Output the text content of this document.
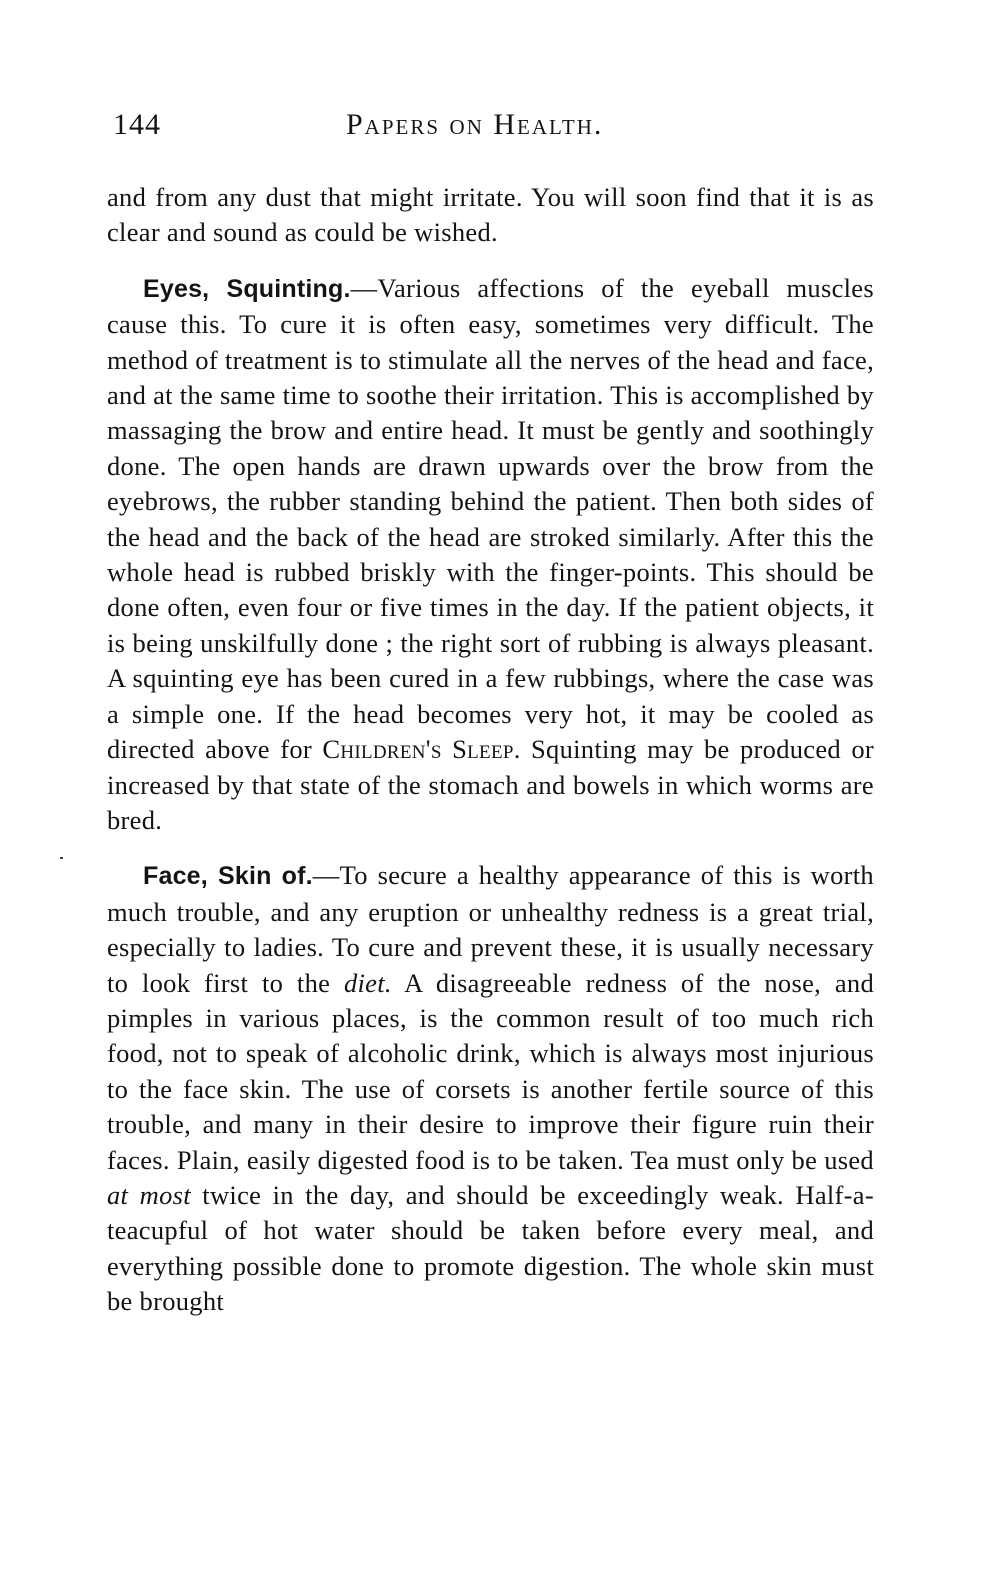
144	Papers on Health.

and from any dust that might irritate. You will soon find that it is as clear and sound as could be wished.

Eyes, Squinting.—Various affections of the eyeball muscles cause this. To cure it is often easy, sometimes very difficult. The method of treatment is to stimulate all the nerves of the head and face, and at the same time to soothe their irritation. This is accomplished by massaging the brow and entire head. It must be gently and soothingly done. The open hands are drawn upwards over the brow from the eyebrows, the rubber standing behind the patient. Then both sides of the head and the back of the head are stroked similarly. After this the whole head is rubbed briskly with the finger-points. This should be done often, even four or five times in the day. If the patient objects, it is being unskilfully done ; the right sort of rubbing is always pleasant. A squinting eye has been cured in a few rubbings, where the case was a simple one. If the head becomes very hot, it may be cooled as directed above for Children's Sleep. Squinting may be produced or increased by that state of the stomach and bowels in which worms are bred.

Face, Skin of.—To secure a healthy appearance of this is worth much trouble, and any eruption or unhealthy redness is a great trial, especially to ladies. To cure and prevent these, it is usually necessary to look first to the diet. A disagreeable redness of the nose, and pimples in various places, is the common result of too much rich food, not to speak of alcoholic drink, which is always most injurious to the face skin. The use of corsets is another fertile source of this trouble, and many in their desire to improve their figure ruin their faces. Plain, easily digested food is to be taken. Tea must only be used at most twice in the day, and should be exceedingly weak. Half-a-teacupful of hot water should be taken before every meal, and everything possible done to promote digestion. The whole skin must be brought
